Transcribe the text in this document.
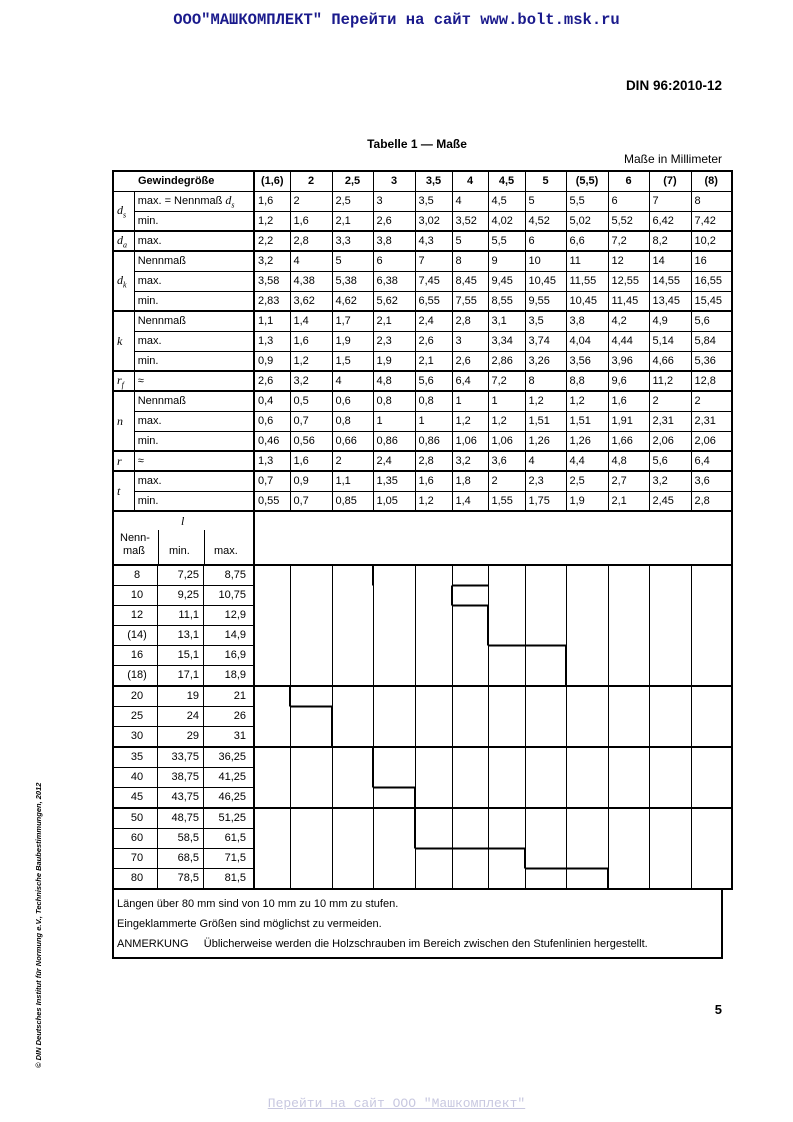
ООО"МАШКОМПЛЕКТ" Перейти на сайт www.bolt.msk.ru
DIN 96:2010-12
Tabelle 1 — Maße
Maße in Millimeter
Gewindegröße		(1,6)	2	2,5	3	3,5	4	4,5	5	(5,5)	6	(7)	(8)
$d_s$	max. = Nennmaß $d_s$	1,6	2	2,5	3	3,5	4	4,5	5	5,5	6	7	8
	min.	1,2	1,6	2,1	2,6	3,02	3,52	4,02	4,52	5,02	5,52	6,42	7,42
$d_a$	max.	2,2	2,8	3,3	3,8	4,3	5	5,5	6	6,6	7,2	8,2	10,2
$d_k$	Nennmaß	3,2	4	5	6	7	8	9	10	11	12	14	16
	max.	3,58	4,38	5,38	6,38	7,45	8,45	9,45	10,45	11,55	12,55	14,55	16,55
	min.	2,83	3,62	4,62	5,62	6,55	7,55	8,55	9,55	10,45	11,45	13,45	15,45
k	Nennmaß	1,1	1,4	1,7	2,1	2,4	2,8	3,1	3,5	3,8	4,2	4,9	5,6
	max.	1,3	1,6	1,9	2,3	2,6	3	3,34	3,74	4,04	4,44	5,14	5,84
	min.	0,9	1,2	1,5	1,9	2,1	2,6	2,86	3,26	3,56	3,96	4,66	5,36
$r_f$	≈	2,6	3,2	4	4,8	5,6	6,4	7,2	8	8,8	9,6	11,2	12,8
n	Nennmaß	0,4	0,5	0,6	0,8	0,8	1	1	1,2	1,2	1,6	2	2
	max.	0,6	0,7	0,8	1	1	1,2	1,2	1,51	1,51	1,91	2,31	2,31
	min.	0,46	0,56	0,66	0,86	0,86	1,06	1,06	1,26	1,26	1,66	2,06	2,06
r	≈	1,3	1,6	2	2,4	2,8	3,2	3,6	4	4,4	4,8	5,6	6,4
t	max.	0,7	0,9	1,1	1,35	1,6	1,8	2	2,3	2,5	2,7	3,2	3,6
	min.	0,55	0,7	0,85	1,05	1,2	1,4	1,55	1,75	1,9	2,1	2,45	2,8

l
Nenn-
maß min. max.													

8 7,25 8,75													

10 9,25 10,75													

12 11,1 12,9													

(14) 13,1 14,9													

16 15,1 16,9													

(18) 17,1 18,9													

20 19 21													

25 24 26													

30 29 31													

35 33,75 36,25													

40 38,75 41,25													

45 43,75 46,25													

50 48,75 51,25													

60 58,5 61,5													

70 68,5 71,5													

80 78,5 81,5													

Längen über 80 mm sind von 10 mm zu 10 mm zu stufen.
Eingeklammerte Größen sind möglichst zu vermeiden.
ANMERKUNG     Üblicherweise werden die Holzschrauben im Bereich zwischen den Stufenlinien hergestellt.
5
© DIN Deutsches Institut für Normung e.V., Technische Baubestimmungen, 2012
Перейти на сайт ООО "Машкомплект"
